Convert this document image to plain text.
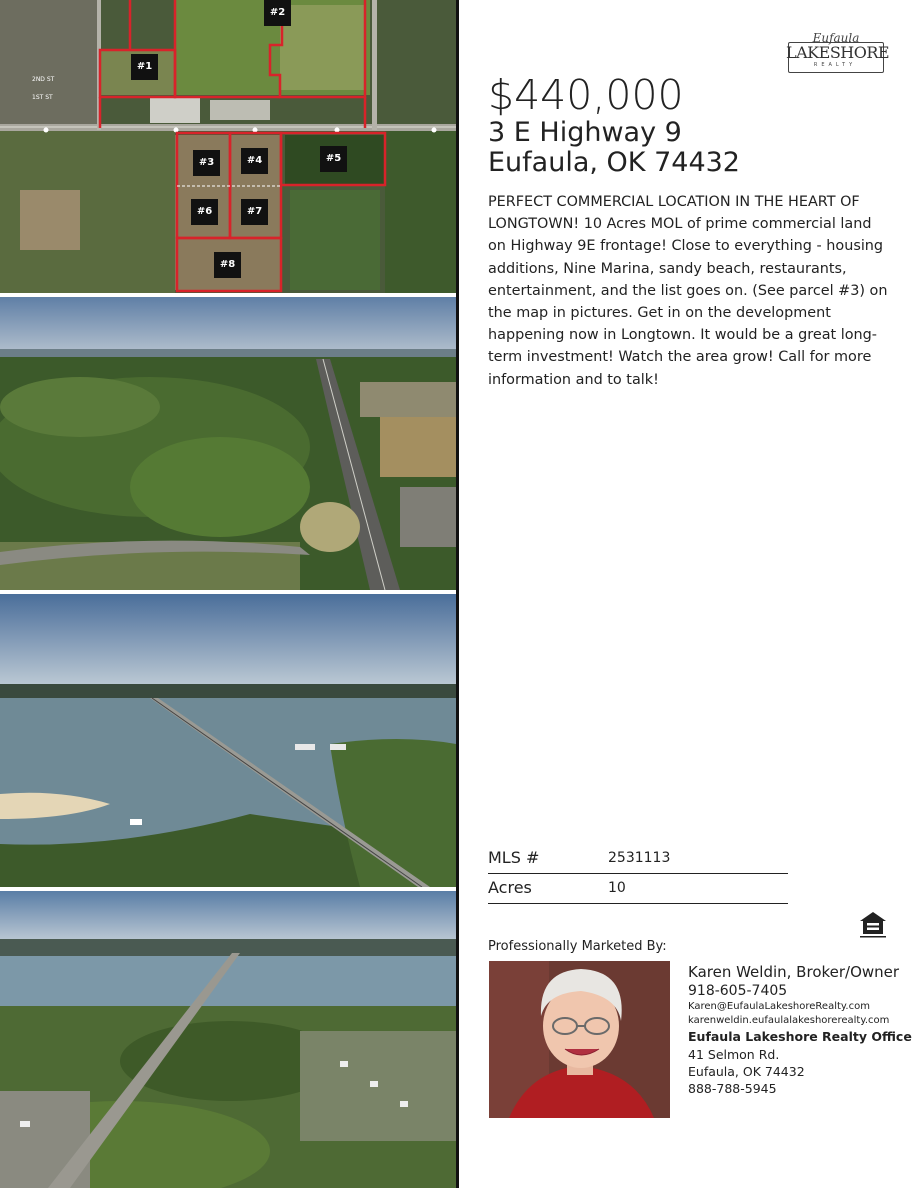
#1
#2
#3	#4	#5
#6	#7
#8
2ND ST
1ST ST
Eufaula
LAKESHORE
REALTY
$440,000
3 E Highway 9
Eufaula, OK 74432
PERFECT COMMERCIAL LOCATION IN THE HEART OF LONGTOWN! 10 Acres MOL of prime commercial land on Highway 9E frontage! Close to everything - housing additions, Nine Marina, sandy beach, restaurants, entertainment, and the list goes on. (See parcel #3) on the map in pictures. Get in on the development happening now in Longtown. It would be a great long-term investment! Watch the area grow! Call for more information and to talk!
MLS #	2531113
Acres	10
Professionally Marketed By:
Karen Weldin, Broker/Owner
918-605-7405
Karen@EufaulaLakeshoreRealty.com
karenweldin.eufaulalakeshorerealty.com
Eufaula Lakeshore Realty Office
41 Selmon Rd.
Eufaula, OK 74432
888-788-5945
